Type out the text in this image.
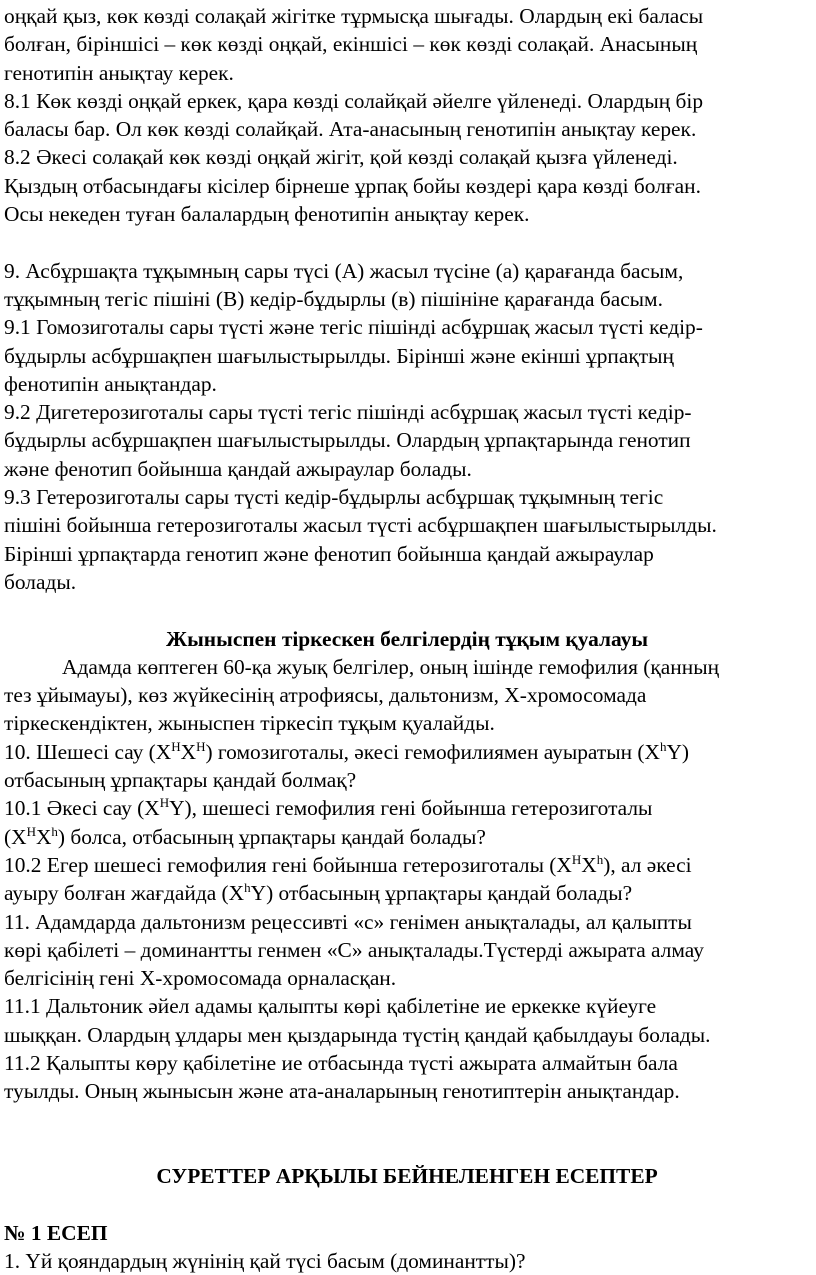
оңқай қыз, көк көзді солақай жігітке тұрмысқа шығады. Олардың екі баласы

болған, біріншісі – көк көзді оңқай, екіншісі – көк көзді солақай. Анасының

генотипін анықтау керек.

8.1 Көк көзді оңқай еркек, қара көзді солайқай әйелге үйленеді. Олардың бір

баласы бар. Ол көк көзді солайқай. Ата-анасының генотипін анықтау керек.

8.2 Әкесі солақай көк көзді оңқай жігіт, қой көзді солақай қызға үйленеді.

Қыздың отбасындағы кісілер бірнеше ұрпақ бойы көздері қара көзді болған.

Осы некеден туған балалардың фенотипін анықтау керек.

9. Асбұршақта тұқымның сары түсі (А) жасыл түсіне (а) қарағанда басым,

тұқымның тегіс пішіні (В) кедір-бұдырлы (в) пішініне қарағанда басым.

9.1 Гомозиготалы сары түсті және тегіс пішінді асбұршақ жасыл түсті кедір-

бұдырлы асбұршақпен шағылыстырылды. Бірінші және екінші ұрпақтың

фенотипін анықтандар.

9.2 Дигетерозиготалы сары түсті тегіс пішінді асбұршақ жасыл түсті кедір-

бұдырлы асбұршақпен шағылыстырылды. Олардың ұрпақтарында генотип

және фенотип бойынша қандай ажыраулар болады.

9.3 Гетерозиготалы сары түсті кедір-бұдырлы асбұршақ тұқымның тегіс

пішіні бойынша гетерозиготалы жасыл түсті асбұршақпен шағылыстырылды.

Бірінші ұрпақтарда генотип және фенотип бойынша қандай ажыраулар

болады.

Жыныспен тіркескен белгілердің тұқым қуалауы

Адамда көптеген 60-қа жуық белгілер, оның ішінде гемофилия (қанның

тез ұйымауы), көз жүйкесінің атрофиясы, дальтонизм, Х-хромосомада

тіркескендіктен, жыныспен тіркесіп тұқым қуалайды.

10. Шешесі сау $(Х^НХ^Н)$ гомозиготалы, әкесі гемофилиямен ауыратын $(Х^hY)$

отбасының ұрпақтары қандай болмақ?

10.1 Әкесі сау $(Х^НY)$, шешесі гемофилия гені бойынша гетерозиготалы

$(Х^НХ^h)$ болса, отбасының ұрпақтары қандай болады?

10.2 Егер шешесі гемофилия гені бойынша гетерозиготалы $(Х^НХ^h)$, ал әкесі

ауыру болған жағдайда $(Х^hY)$ отбасының ұрпақтары қандай болады?

11. Адамдарда дальтонизм рецессивті «с» генімен анықталады, ал қалыпты

көрі қабілеті – доминантты генмен «С» анықталады.Түстерді ажырата алмау

белгісінің гені Х-хромосомада орналасқан.

11.1 Дальтоник әйел адамы қалыпты көрі қабілетіне ие еркекке күйеуге

шыққан. Олардың ұлдары мен қыздарында түстің қандай қабылдауы болады.

11.2 Қалыпты көру қабілетіне ие отбасында түсті ажырата алмайтын бала

туылды. Оның жынысын және ата-аналарының генотиптерін анықтандар.

СУРЕТТЕР АРҚЫЛЫ БЕЙНЕЛЕНГЕН ЕСЕПТЕР

№ 1 ЕСЕП

1. Үй қояндардың жүнінің қай түсі басым (доминантты)?
